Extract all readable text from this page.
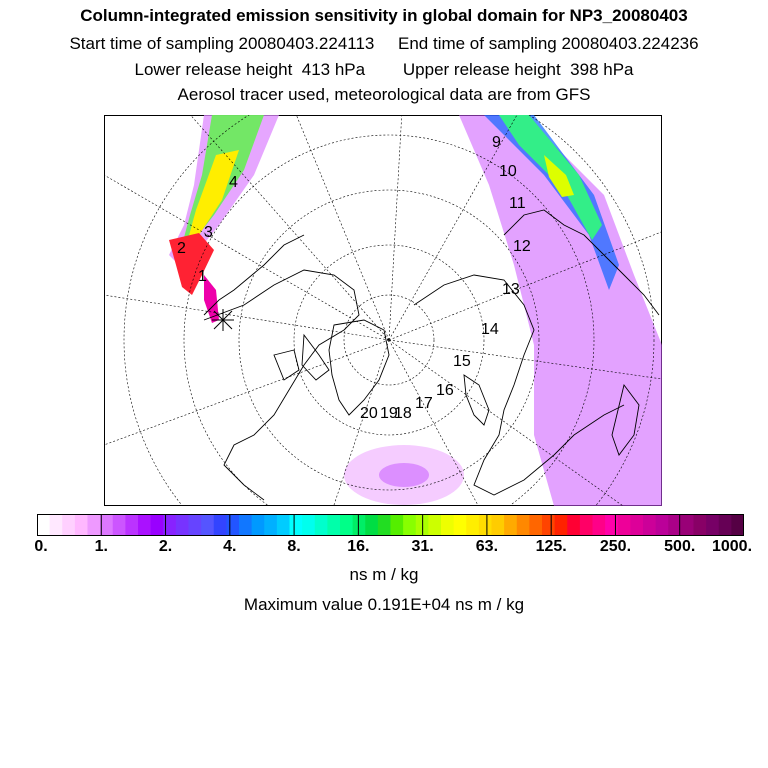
Column-integrated emission sensitivity in global domain for NP3_20080403
Start time of sampling 20080403.224113     End time of sampling 20080403.224236
Lower release height  413 hPa        Upper release height  398 hPa
Aerosol tracer used, meteorological data are from GFS
1
2
3
4
9
10
11
12
13
14
15
16
17
18
19
20
0.	1.	2.	4.	8.	16.	31.	63. 125. 250. 500. 1000.
ns m / kg
Maximum value 0.191E+04 ns m / kg
